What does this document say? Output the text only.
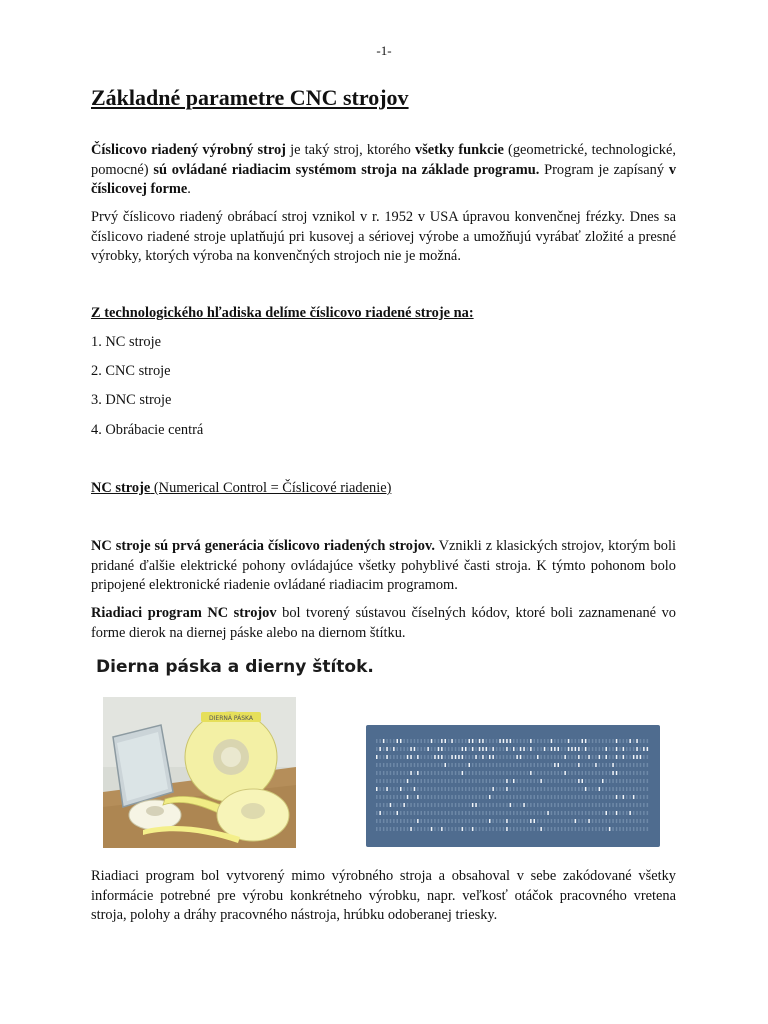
-1-
Základné parametre CNC strojov

Číslicovo riadený výrobný stroj je taký stroj, ktorého všetky funkcie (geometrické, technologické, pomocné) sú ovládané riadiacim systémom stroja na základe programu. Program je zapísaný v číslicovej forme.

Prvý číslicovo riadený obrábací stroj vznikol v r. 1952 v USA úpravou konvenčnej frézky. Dnes sa číslicovo riadené stroje uplatňujú pri kusovej a sériovej výrobe a umožňujú vyrábať zložité a presné výrobky, ktorých výroba na konvenčných strojoch nie je možná.

Z technologického hľadiska delíme číslicovo riadené stroje na:

1. NC stroje

2. CNC stroje

3. DNC stroje

4. Obrábacie centrá

NC stroje (Numerical Control = Číslicové riadenie)

NC stroje sú prvá generácia číslicovo riadených strojov. Vznikli z klasických strojov, ktorým boli pridané ďalšie elektrické pohony ovládajúce všetky pohyblivé časti stroja. K týmto pohonom bolo pripojené elektronické riadenie ovládané riadiacim programom.

Riadiaci program NC strojov bol tvorený sústavou číselných kódov, ktoré boli zaznamenané vo forme dierok na diernej páske alebo na diernom štítku.

Dierna páska a dierny štítok.
DIERNÁ PÁSKA

Riadiaci program bol vytvorený mimo výrobného stroja a obsahoval v sebe zakódované všetky informácie potrebné pre výrobu konkrétneho výrobku, napr. veľkosť otáčok pracovného vretena stroja, polohy a dráhy pracovného nástroja, hrúbku odoberanej triesky.
